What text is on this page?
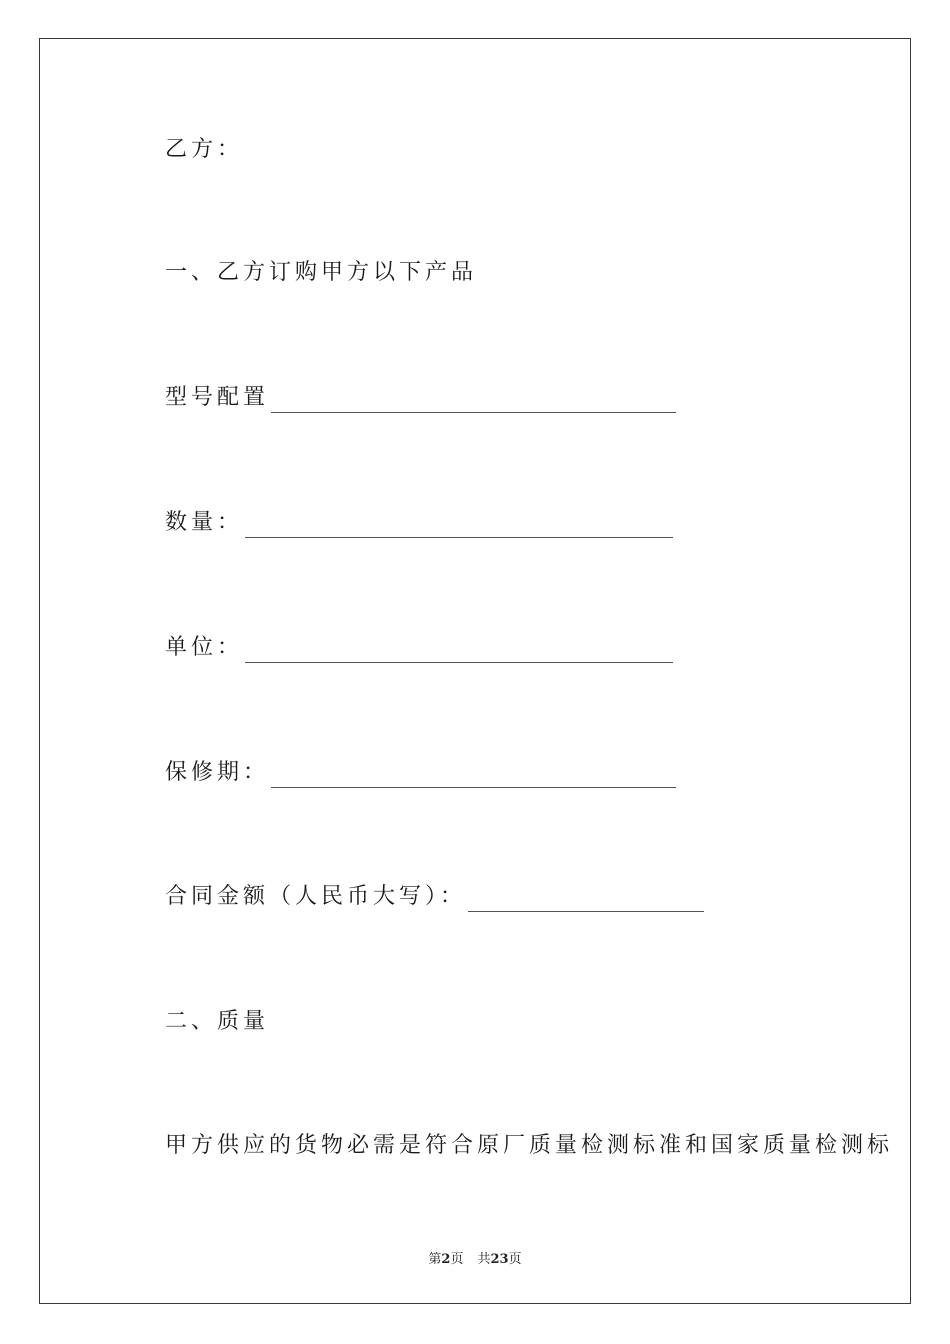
乙方：
一、乙方订购甲方以下产品
型号配置
数量：
单位：
保修期：
合同金额（人民币大写）：
二、质量
甲方供应的货物必需是符合原厂质量检测标准和国家质量检测标
第2页 共23页
